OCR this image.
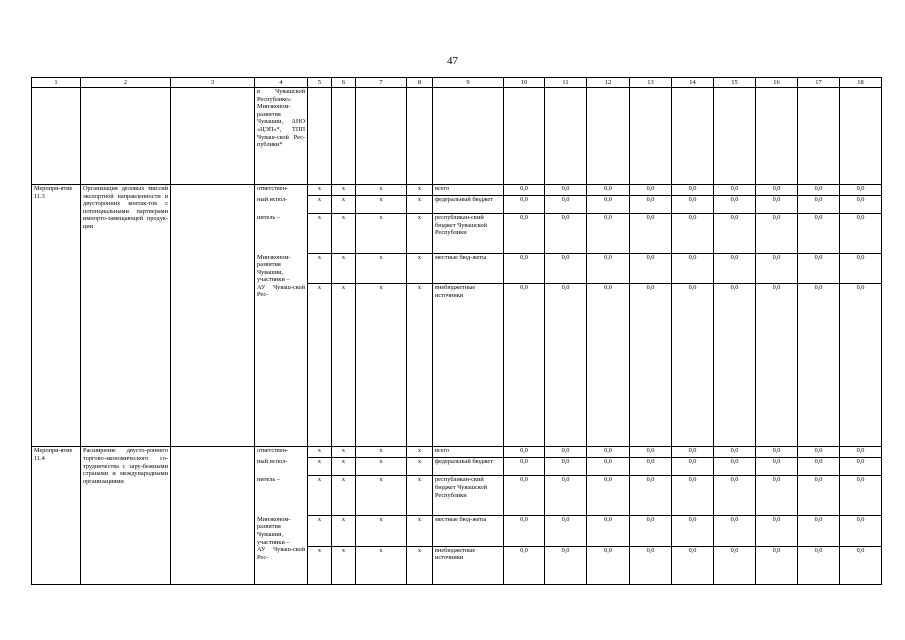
47
1	2	3	4	5	6	7	8	9	10	11	12	13	14	15	16	17	18
			в Чувашской Республике» Минэконом-развития Чувашии, АНО «ЦЭП»*, ТПП Чуваш-ской Рес-публики*														
Меропри-ятие 11.3	Организация деловых миссий экспортной направленности и двусторонних контак-тов с потенциальными партнерами импорто-замещающей продук-ции		ответствен-	x	x	x	x	всего	0,0	0,0	0,0	0,0	0,0	0,0	0,0	0,0	0,0
			ный испол-	x	x	x	x	федеральный бюджет	0,0	0,0	0,0	0,0	0,0	0,0	0,0	0,0	0,0
			нитель –	x	x	x	x	республикан-ский бюджет Чувашской Республики	0,0	0,0	0,0	0,0	0,0	0,0	0,0	0,0	0,0
			Минэконом-развития Чувашии, участники –	x	x	x	x	местные бюд-жеты	0,0	0,0	0,0	0,0	0,0	0,0	0,0	0,0	0,0
			АУ Чуваш-ской Рес-	x	x	x	x	внебюджетные источники	0,0	0,0	0,0	0,0	0,0	0,0	0,0	0,0	0,0
Меропри-ятие 11.4	Расширение двусто-роннего торгово-экономического со-трудничества с зару-бежными странами и международными организациями		ответствен-	x	x	x	x	всего	0,0	0,0	0,0	0,0	0,0	0,0	0,0	0,0	0,0
			ный испол-	x	x	x	x	федеральный бюджет	0,0	0,0	0,0	0,0	0,0	0,0	0,0	0,0	0,0
			нитель –	x	x	x	x	республикан-ский бюджет Чувашской Республики	0,0	0,0	0,0	0,0	0,0	0,0	0,0	0,0	0,0
			Минэконом-развития Чувашии, участники –	x	x	x	x	местные бюд-жеты	0,0	0,0	0,0	0,0	0,0	0,0	0,0	0,0	0,0
			АУ Чуваш-ской Рес-	x	x	x	x	внебюджетные источники	0,0	0,0	0,0	0,0	0,0	0,0	0,0	0,0	0,0
